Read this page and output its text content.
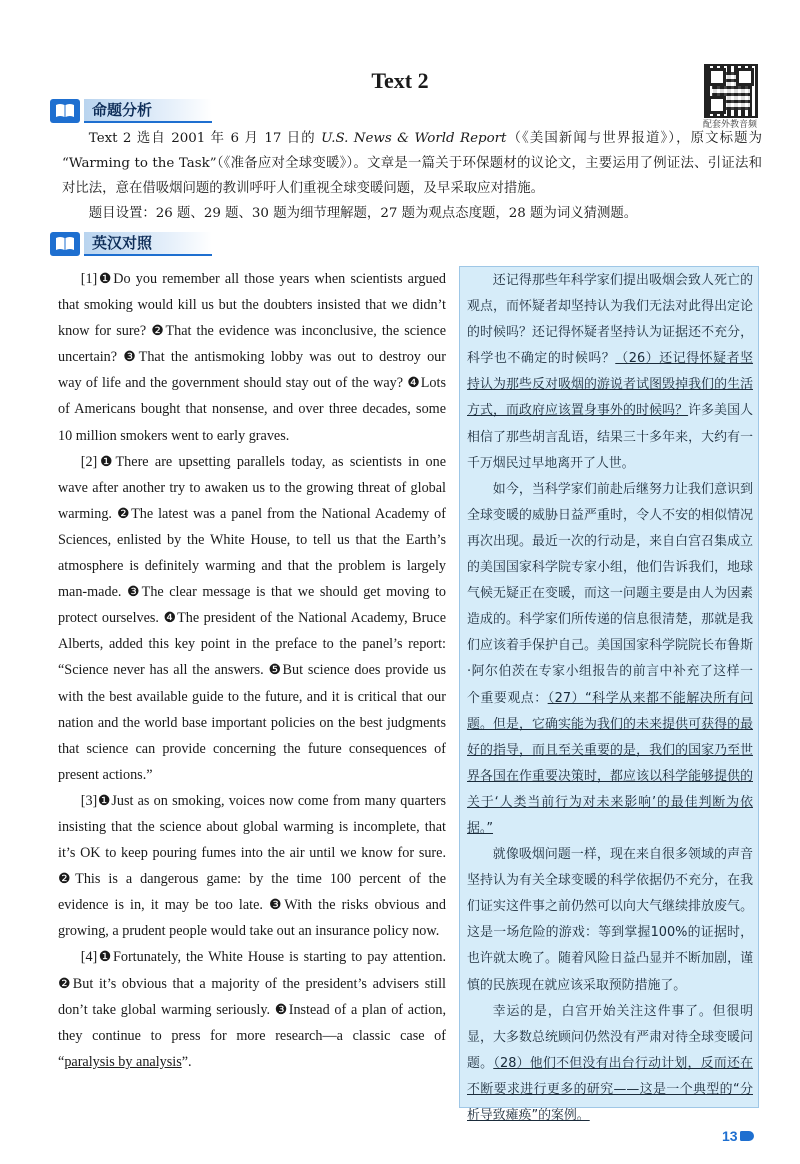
Text 2
配套外教音频
命题分析

Text 2 选自 2001 年 6 月 17 日的 U.S. News & World Report（《美国新闻与世界报道》），原文标题为 “Warming to the Task”（《准备应对全球变暖》）。文章是一篇关于环保题材的议论文，主要运用了例证法、引证法和对比法，意在借吸烟问题的教训呼吁人们重视全球变暖问题，及早采取应对措施。

题目设置：26 题、29 题、30 题为细节理解题，27 题为观点态度题，28 题为词义猜测题。

英汉对照

[1]❶Do you remember all those years when scientists argued that smoking would kill us but the doubters insisted that we didn’t know for sure? ❷That the evidence was inconclusive, the science uncertain? ❸That the antismoking lobby was out to destroy our way of life and the government should stay out of the way? ❹Lots of Americans bought that nonsense, and over three decades, some 10 million smokers went to early graves.

[2]❶There are upsetting parallels today, as scientists in one wave after another try to awaken us to the growing threat of global warming. ❷The latest was a panel from the National Academy of Sciences, enlisted by the White House, to tell us that the Earth’s atmosphere is definitely warming and that the problem is largely man-made. ❸The clear message is that we should get moving to protect ourselves. ❹The president of the National Academy, Bruce Alberts, added this key point in the preface to the panel’s report: “Science never has all the answers. ❺But science does provide us with the best available guide to the future, and it is critical that our nation and the world base important policies on the best judgments that science can provide concerning the future consequences of present actions.”

[3]❶Just as on smoking, voices now come from many quarters insisting that the science about global warming is incomplete, that it’s OK to keep pouring fumes into the air until we know for sure. ❷This is a dangerous game: by the time 100 percent of the evidence is in, it may be too late. ❸With the risks obvious and growing, a prudent people would take out an insurance policy now.

[4]❶Fortunately, the White House is starting to pay attention. ❷But it’s obvious that a majority of the president’s advisers still don’t take global warming seriously. ❸Instead of a plan of action, they continue to press for more research—a classic case of “paralysis by analysis”.

还记得那些年科学家们提出吸烟会致人死亡的观点，而怀疑者却坚持认为我们无法对此得出定论的时候吗？还记得怀疑者坚持认为证据还不充分，科学也不确定的时候吗？（26）还记得怀疑者坚持认为那些反对吸烟的游说者试图毁掉我们的生活方式，而政府应该置身事外的时候吗？许多美国人相信了那些胡言乱语，结果三十多年来，大约有一千万烟民过早地离开了人世。

如今，当科学家们前赴后继努力让我们意识到全球变暖的威胁日益严重时，令人不安的相似情况再次出现。最近一次的行动是，来自白宫召集成立的美国国家科学院专家小组，他们告诉我们，地球气候无疑正在变暖，而这一问题主要是由人为因素造成的。科学家们所传递的信息很清楚，那就是我们应该着手保护自己。美国国家科学院院长布鲁斯·阿尔伯茨在专家小组报告的前言中补充了这样一个重要观点：（27）“科学从来都不能解决所有问题。但是，它确实能为我们的未来提供可获得的最好的指导，而且至关重要的是，我们的国家乃至世界各国在作重要决策时，都应该以科学能够提供的关于‘人类当前行为对未来影响’的最佳判断为依据。”

就像吸烟问题一样，现在来自很多领域的声音坚持认为有关全球变暖的科学依据仍不充分，在我们证实这件事之前仍然可以向大气继续排放废气。这是一场危险的游戏：等到掌握100%的证据时，也许就太晚了。随着风险日益凸显并不断加剧，谨慎的民族现在就应该采取预防措施了。

幸运的是，白宫开始关注这件事了。但很明显，大多数总统顾问仍然没有严肃对待全球变暖问题。（28）他们不但没有出台行动计划，反而还在不断要求进行更多的研究——这是一个典型的“分析导致瘫痪”的案例。

13
